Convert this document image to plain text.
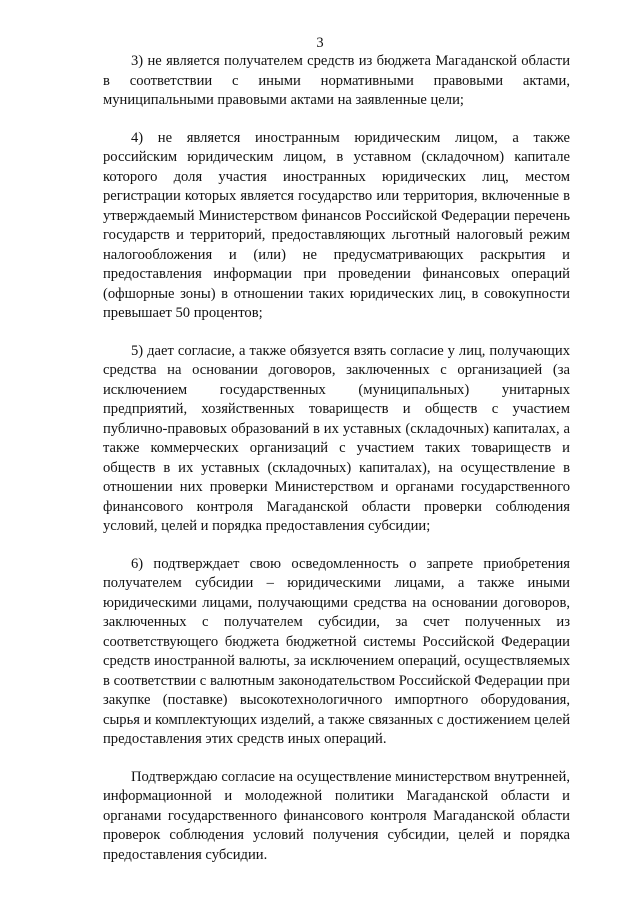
3

3) не является получателем средств из бюджета Магаданской области в соответствии с иными нормативными правовыми актами, муниципальными правовыми актами на заявленные цели;

4) не является иностранным юридическим лицом, а также российским юридическим лицом, в уставном (складочном) капитале которого доля участия иностранных юридических лиц, местом регистрации которых является государство или территория, включенные в утверждаемый Министерством финансов Российской Федерации перечень государств и территорий, предоставляющих льготный налоговый режим налогообложения и (или) не предусматривающих раскрытия и предоставления информации при проведении финансовых операций (офшорные зоны) в отношении таких юридических лиц, в совокупности превышает 50 процентов;

5) дает согласие, а также обязуется взять согласие у лиц, получающих средства на основании договоров, заключенных с организацией (за исключением государственных (муниципальных) унитарных предприятий, хозяйственных товариществ и обществ с участием публично-правовых образований в их уставных (складочных) капиталах, а также коммерческих организаций с участием таких товариществ и обществ в их уставных (складочных) капиталах), на осуществление в отношении них проверки Министерством и органами государственного финансового контроля Магаданской области проверки соблюдения условий, целей и порядка предоставления субсидии;

6) подтверждает свою осведомленность о запрете приобретения получателем субсидии – юридическими лицами, а также иными юридическими лицами, получающими средства на основании договоров, заключенных с получателем субсидии, за счет полученных из соответствующего бюджета бюджетной системы Российской Федерации средств иностранной валюты, за исключением операций, осуществляемых в соответствии с валютным законодательством Российской Федерации при закупке (поставке) высокотехнологичного импортного оборудования, сырья и комплектующих изделий, а также связанных с достижением целей предоставления этих средств иных операций.

Подтверждаю согласие на осуществление министерством внутренней, информационной и молодежной политики Магаданской области и органами государственного финансового контроля Магаданской области проверок соблюдения условий получения субсидии, целей и порядка предоставления субсидии.
